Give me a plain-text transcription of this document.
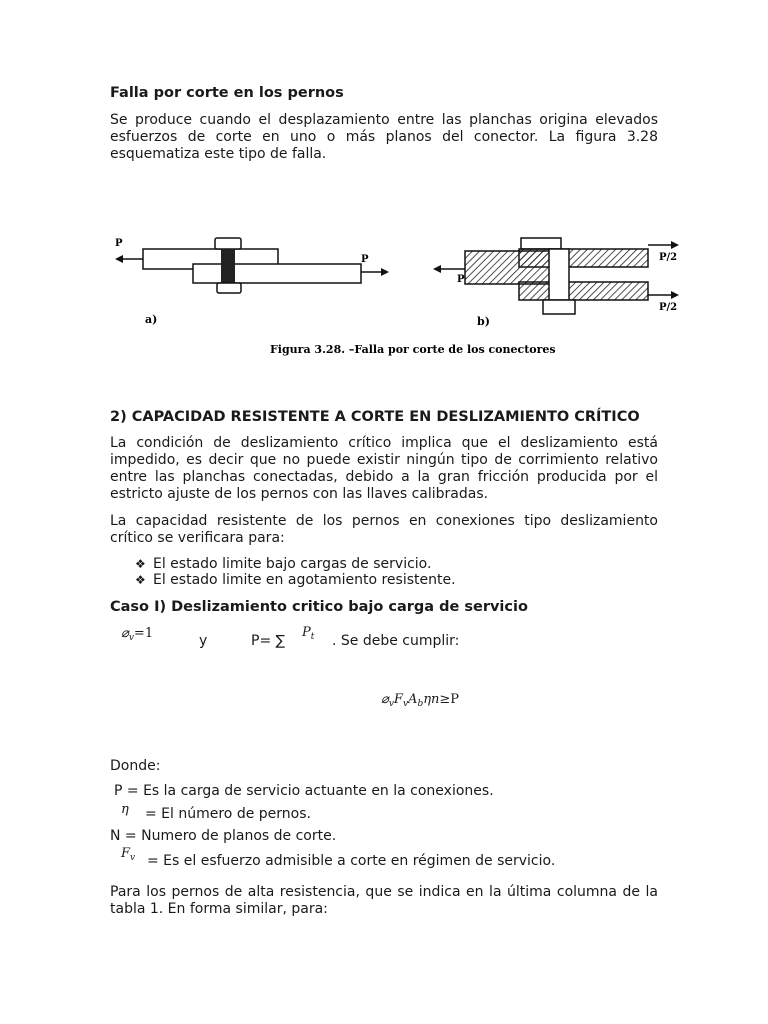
Falla por corte en los pernos
Se produce cuando el desplazamiento entre las planchas origina elevados
esfuerzos de corte en uno o más planos del conector. La figura 3.28
esquematiza este tipo de falla.
P
P
a)
P
P/2
P/2
b)
Figura 3.28. –Falla por corte de los conectores
2) CAPACIDAD RESISTENTE A CORTE EN DESLIZAMIENTO CRÍTICO
La condición de deslizamiento crítico implica que el deslizamiento está
impedido, es decir que no puede existir ningún tipo de corrimiento relativo
entre las planchas conectadas, debido a la gran fricción producida por el
estricto ajuste de los pernos con las llaves calibradas.
La capacidad resistente de los pernos en conexiones tipo deslizamiento
crítico se verificara para:
❖ El estado limite bajo cargas de servicio.
❖ El estado limite en agotamiento resistente.
Caso I) Deslizamiento critico bajo carga de servicio
$⌀_v=1$	y	P= ∑
$P_t$ . Se debe cumplir:
$⌀_vF_vA_b\eta n\ge P$
Donde:
P = Es la carga de servicio actuante en la conexiones.
η = El número de pernos.
N = Numero de planos de corte.
$F_v = Es$ el esfuerzo admisible a corte en régimen de servicio.
Para los pernos de alta resistencia, que se indica en la última columna de la
tabla 1. En forma similar, para:
